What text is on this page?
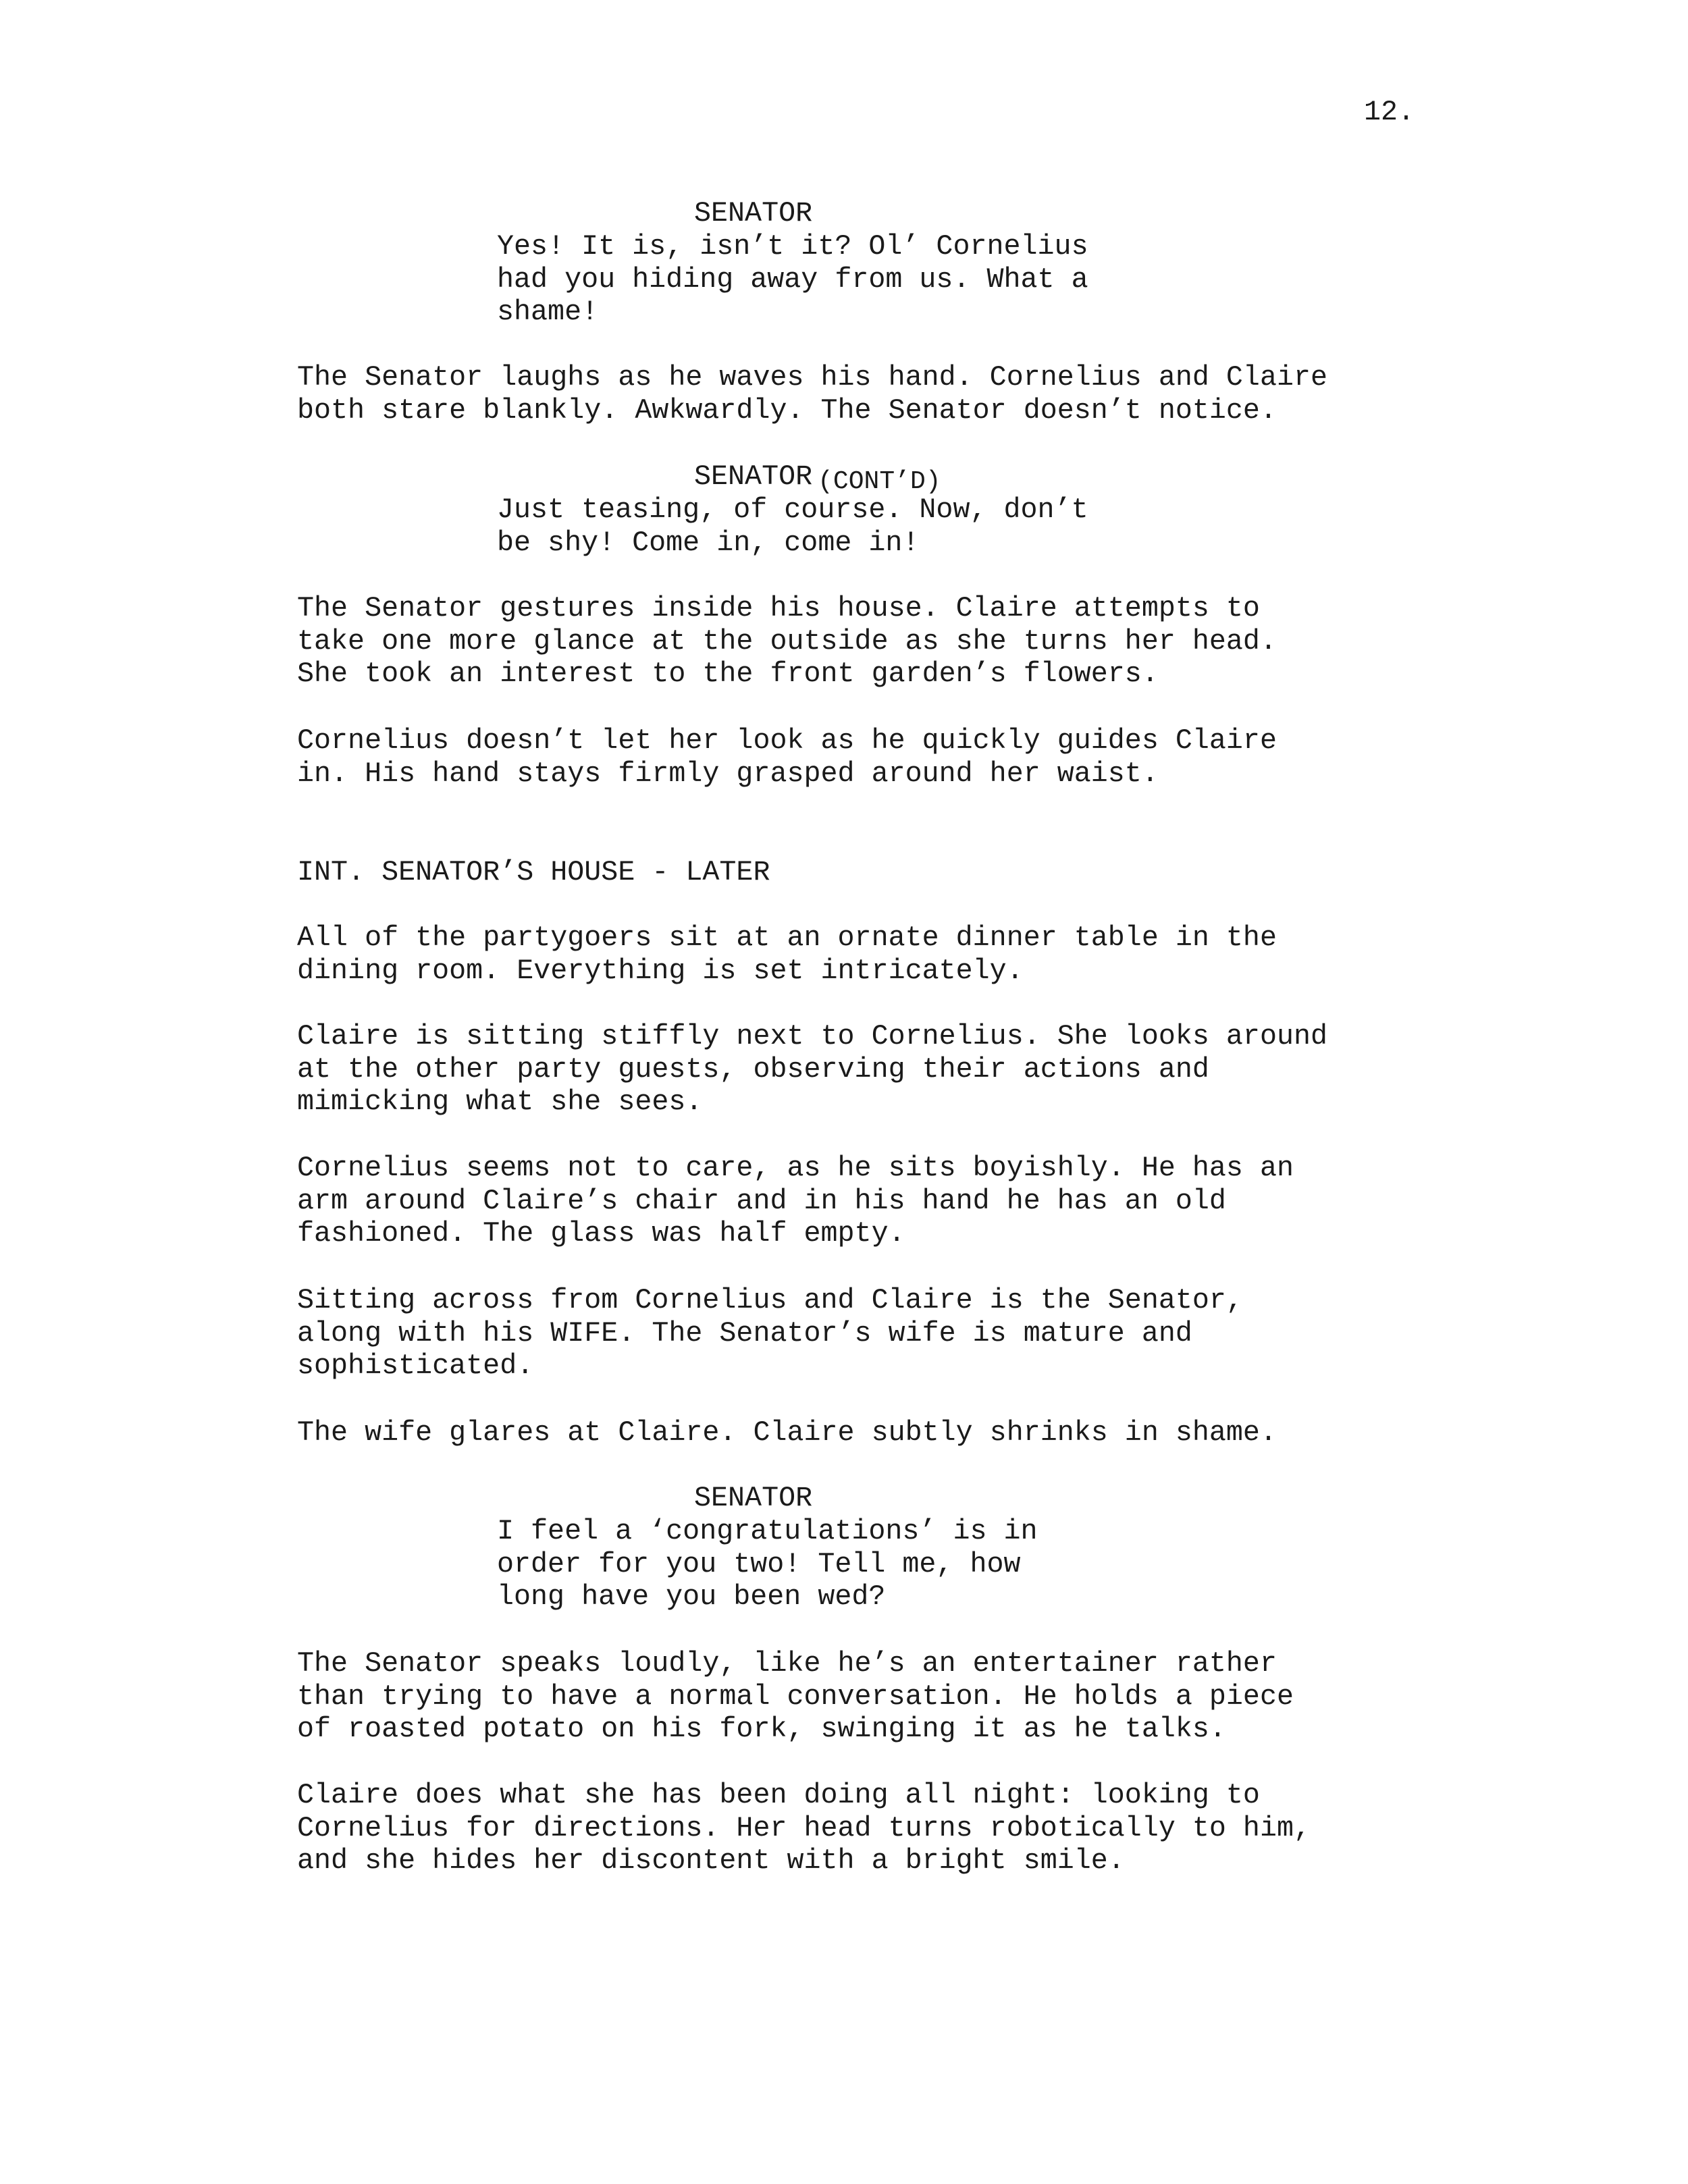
12.
SENATOR
Yes! It is, isn’t it? Ol’ Cornelius
had you hiding away from us. What a
shame!
The Senator laughs as he waves his hand. Cornelius and Claire
both stare blankly. Awkwardly. The Senator doesn’t notice.
SENATOR (CONT’D)
Just teasing, of course. Now, don’t
be shy! Come in, come in!
The Senator gestures inside his house. Claire attempts to
take one more glance at the outside as she turns her head.
She took an interest to the front garden’s flowers.
Cornelius doesn’t let her look as he quickly guides Claire
in. His hand stays firmly grasped around her waist.
INT. SENATOR’S HOUSE - LATER
All of the partygoers sit at an ornate dinner table in the
dining room. Everything is set intricately.
Claire is sitting stiffly next to Cornelius. She looks around
at the other party guests, observing their actions and
mimicking what she sees.
Cornelius seems not to care, as he sits boyishly. He has an
arm around Claire’s chair and in his hand he has an old
fashioned. The glass was half empty.
Sitting across from Cornelius and Claire is the Senator,
along with his WIFE. The Senator’s wife is mature and
sophisticated.
The wife glares at Claire. Claire subtly shrinks in shame.
SENATOR
I feel a ‘congratulations’ is in
order for you two! Tell me, how
long have you been wed?
The Senator speaks loudly, like he’s an entertainer rather
than trying to have a normal conversation. He holds a piece
of roasted potato on his fork, swinging it as he talks.
Claire does what she has been doing all night: looking to
Cornelius for directions. Her head turns robotically to him,
and she hides her discontent with a bright smile.
